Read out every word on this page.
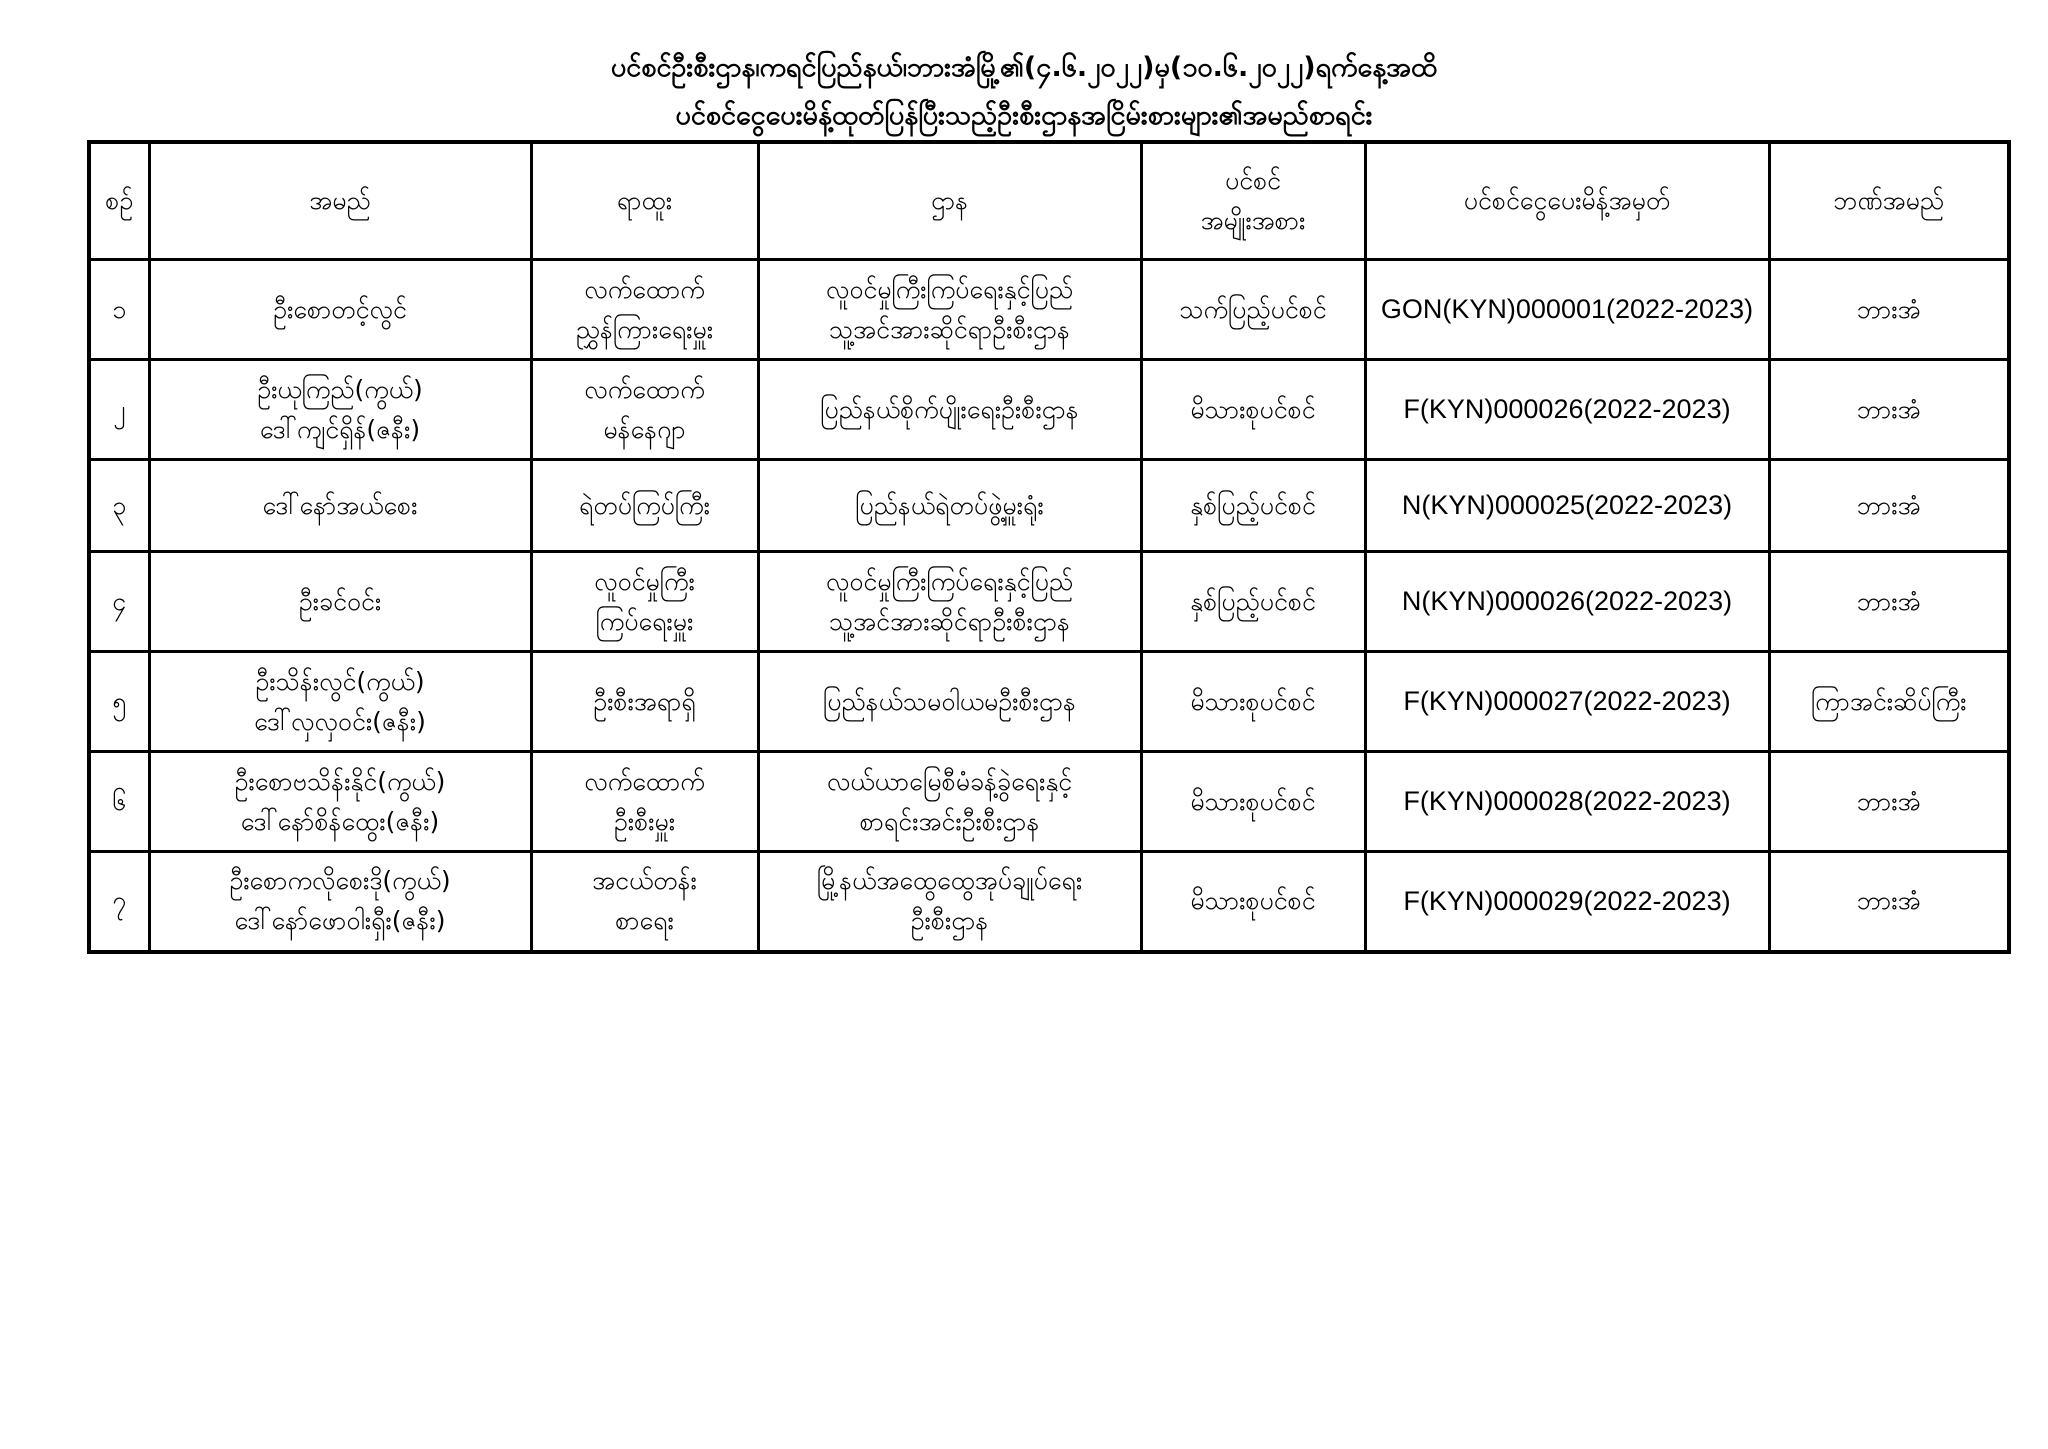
ပင်စင်ဦးစီးဌာန၊ကရင်ပြည်နယ်၊ဘားအံမြို့၏(၄.၆.၂၀၂၂)မှ(၁၀.၆.၂၀၂၂)ရက်နေ့အထိ
ပင်စင်ငွေပေးမိန့်ထုတ်ပြန်ပြီးသည့်ဦးစီးဌာနအငြိမ်းစားများ၏အမည်စာရင်း
စဉ်	အမည်	ရာထူး	ဌာန	ပင်စင်
အမျိုးအစား	ပင်စင်ငွေပေးမိန့်အမှတ်	ဘဏ်အမည်
၁	ဦးစောတင့်လွင်	လက်ထောက်
ညွှန်ကြားရေးမှူး	လူဝင်မှုကြီးကြပ်ရေးနှင့်ပြည်
သူ့အင်အားဆိုင်ရာဦးစီးဌာန	သက်ပြည့်ပင်စင်	GON(KYN)000001(2022-2023)	ဘားအံ
၂	ဦးယုကြည်(ကွယ်)
ဒေါ်ကျင်ရှိန်(ဇနီး)	လက်ထောက်
မန်နေဂျာ	ပြည်နယ်စိုက်ပျိုးရေးဦးစီးဌာန	မိသားစုပင်စင်	F(KYN)000026(2022-2023)	ဘားအံ
၃	ဒေါ်နော်အယ်စေး	ရဲတပ်ကြပ်ကြီး	ပြည်နယ်ရဲတပ်ဖွဲ့မှူးရုံး	နှစ်ပြည့်ပင်စင်	N(KYN)000025(2022-2023)	ဘားအံ
၄	ဦးခင်ဝင်း	လူဝင်မှုကြီး
ကြပ်ရေးမှူး	လူဝင်မှုကြီးကြပ်ရေးနှင့်ပြည်
သူ့အင်အားဆိုင်ရာဦးစီးဌာန	နှစ်ပြည့်ပင်စင်	N(KYN)000026(2022-2023)	ဘားအံ
၅	ဦးသိန်းလွင်(ကွယ်)
ဒေါ်လှလှဝင်း(ဇနီး)	ဦးစီးအရာရှိ	ပြည်နယ်သမဝါယမဦးစီးဌာန	မိသားစုပင်စင်	F(KYN)000027(2022-2023)	ကြာအင်းဆိပ်ကြီး
၆	ဦးစောဗသိန်းနိုင်(ကွယ်)
ဒေါ်နော်စိန်ထွေး(ဇနီး)	လက်ထောက်
ဦးစီးမှူး	လယ်ယာမြေစီမံခန့်ခွဲရေးနှင့်
စာရင်းအင်းဦးစီးဌာန	မိသားစုပင်စင်	F(KYN)000028(2022-2023)	ဘားအံ
၇	ဦးစောကလိုစေးဒို(ကွယ်)
ဒေါ်နော်ဖောဝါးရှီး(ဇနီး)	အငယ်တန်း
စာရေး	မြို့နယ်အထွေထွေအုပ်ချုပ်ရေး
ဦးစီးဌာန	မိသားစုပင်စင်	F(KYN)000029(2022-2023)	ဘားအံ
